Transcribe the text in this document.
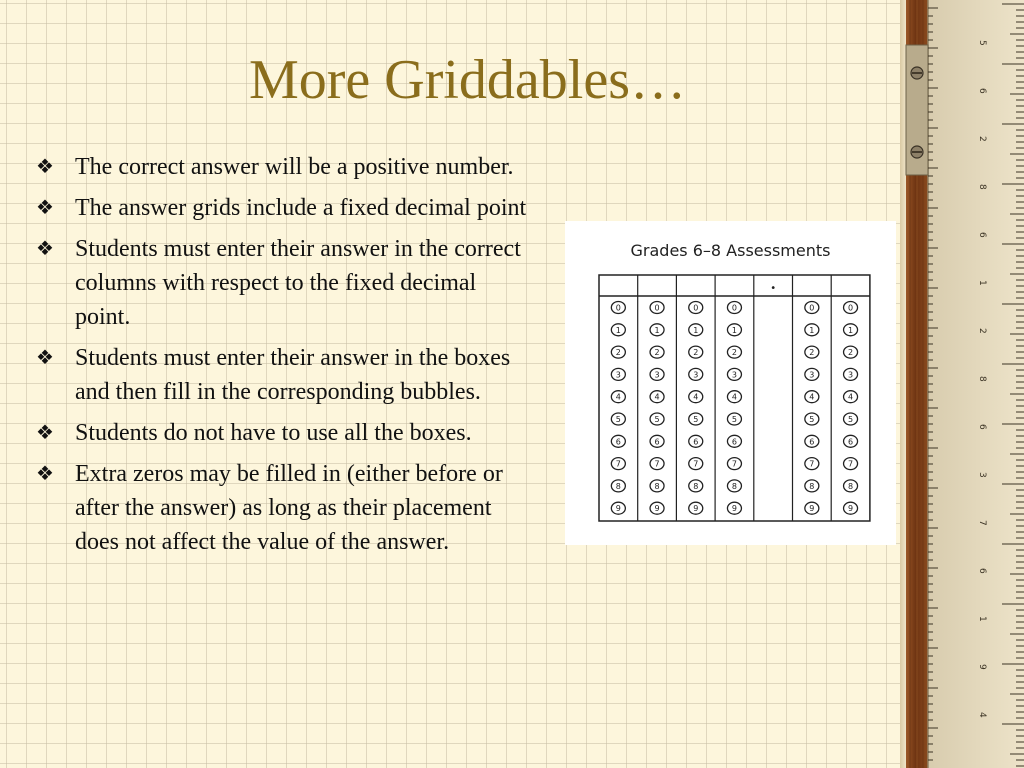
More Griddables…
❖ The correct answer will be a positive number.
❖ The answer grids include a fixed decimal point
❖ Students must enter their answer in the correct columns with respect to the fixed decimal point.
❖ Students must enter their answer in the boxes and then fill in the corresponding bubbles.
❖ Students do not have to use all the boxes.
❖ Extra zeros may be filled in (either before or after the answer) as long as their placement does not affect the value of the answer.
Grades 6–8 Assessments
•
0
1
2
3
4
5
6
7
8
9
0
1
2
3
4
5
6
7
8
9
0
1
2
3
4
5
6
7
8
9
0
1
2
3
4
5
6
7
8
9
0
1
2
3
4
5
6
7
8
9
0
1
2
3
4
5
6
7
8
9
5
6
2
8
6
1
2
8
6
3
7
6
1
9
4
